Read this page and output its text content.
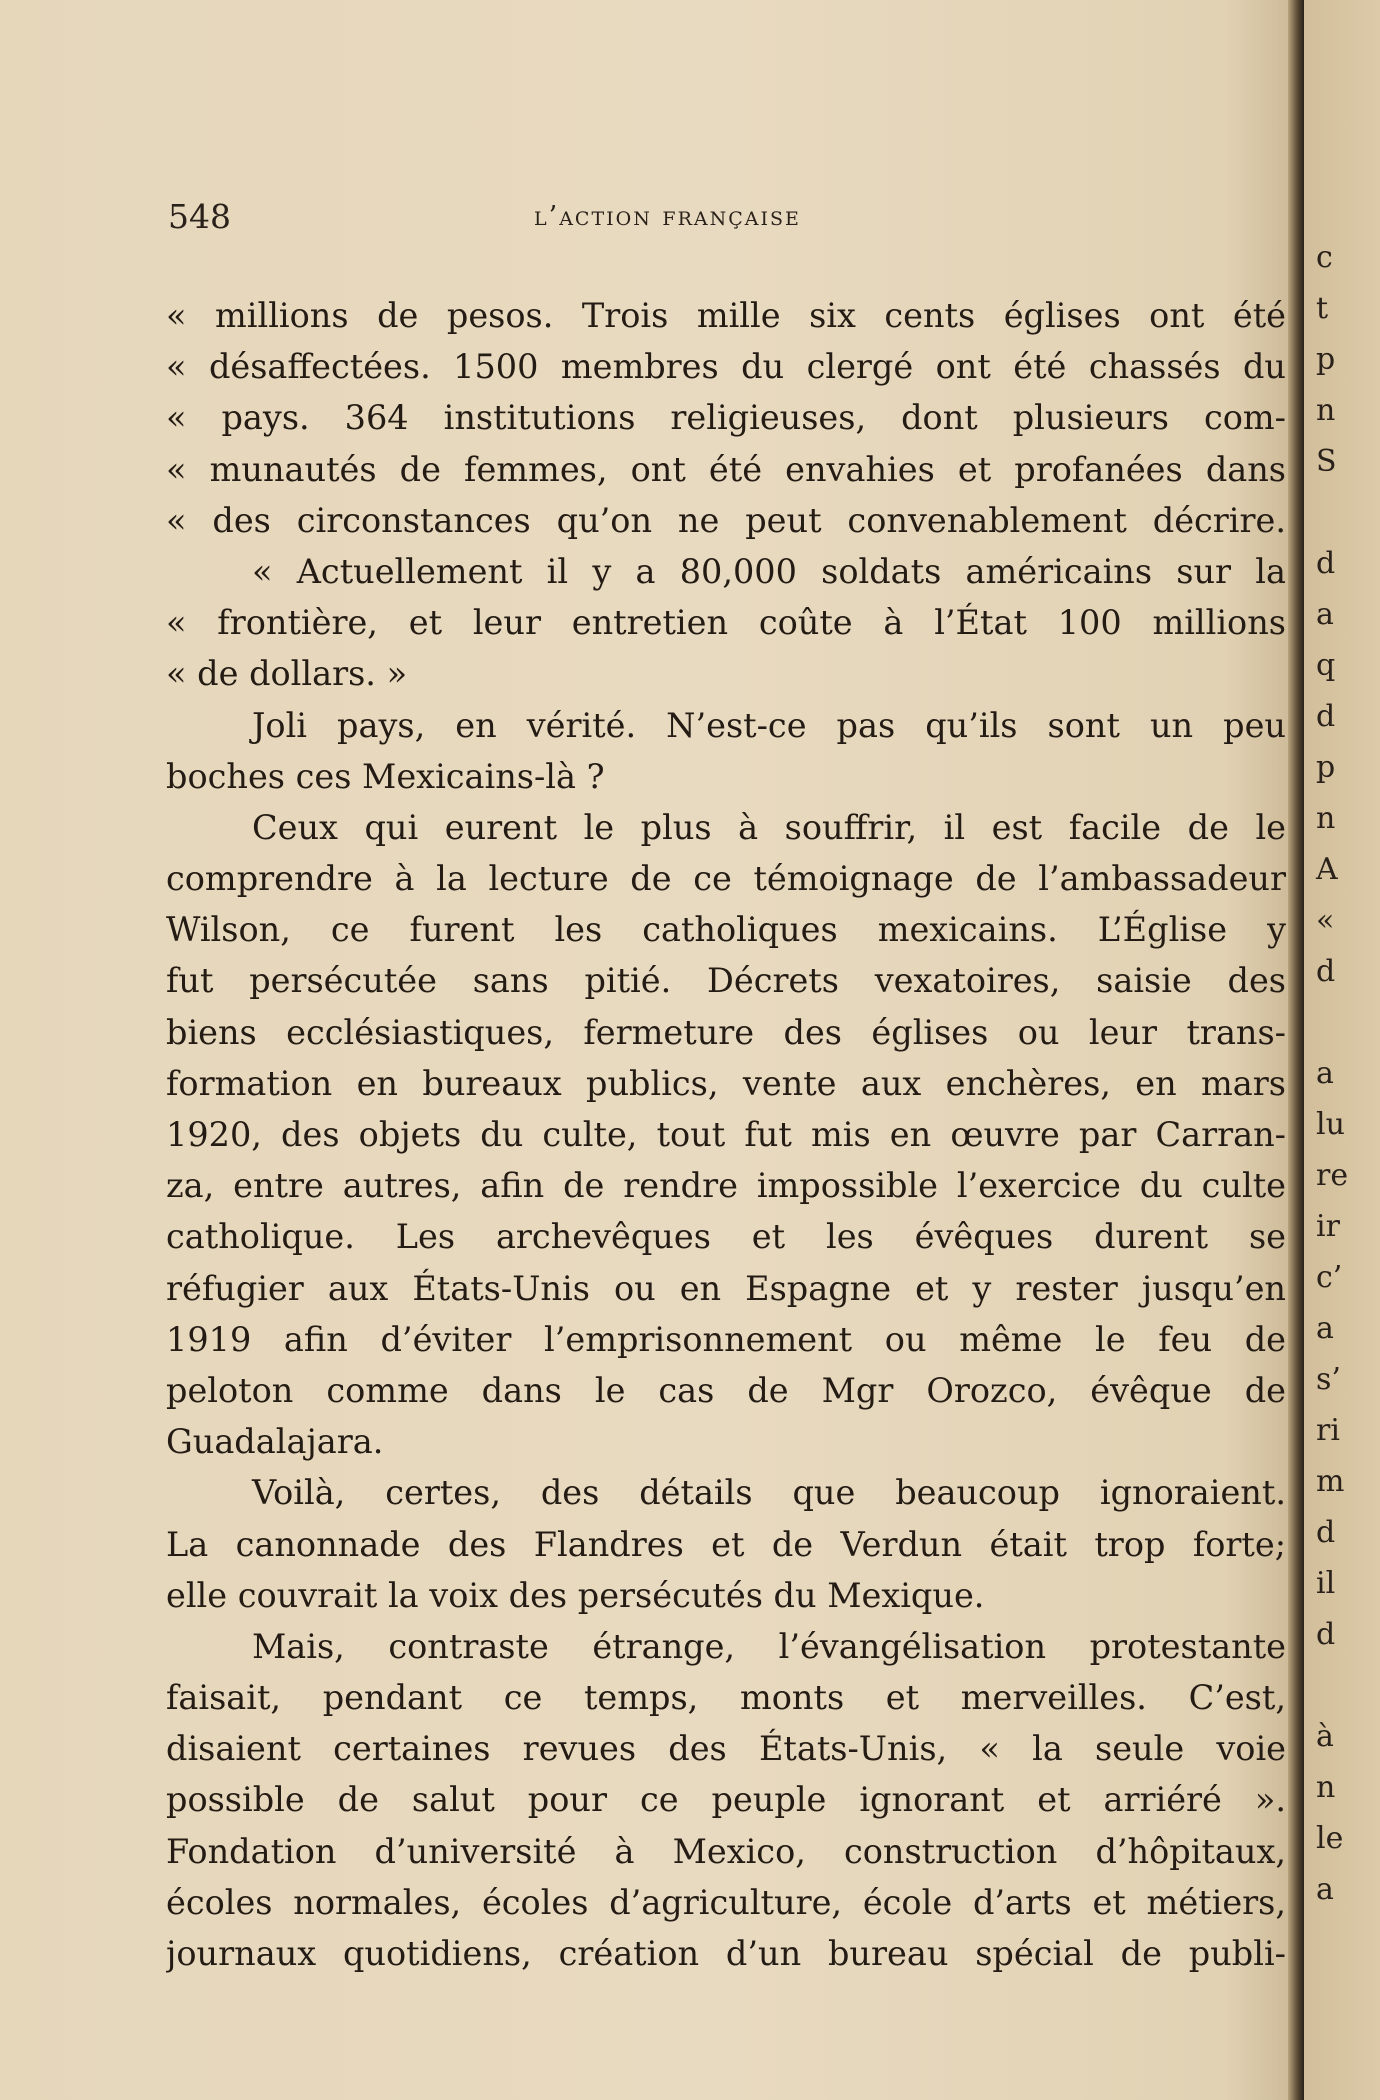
548	l’action française
« millions de pesos. Trois mille six cents églises ont été
« désaffectées. 1500 membres du clergé ont été chassés du
« pays. 364 institutions religieuses, dont plusieurs com-
« munautés de femmes, ont été envahies et profanées dans
« des circonstances qu’on ne peut convenablement décrire.
« Actuellement il y a 80,000 soldats américains sur la
« frontière, et leur entretien coûte à l’État 100 millions
« de dollars. »
Joli pays, en vérité. N’est-ce pas qu’ils sont un peu
boches ces Mexicains-là ?
Ceux qui eurent le plus à souffrir, il est facile de le
comprendre à la lecture de ce témoignage de l’ambassadeur
Wilson, ce furent les catholiques mexicains. L’Église y
fut persécutée sans pitié. Décrets vexatoires, saisie des
biens ecclésiastiques, fermeture des églises ou leur trans-
formation en bureaux publics, vente aux enchères, en mars
1920, des objets du culte, tout fut mis en œuvre par Carran-
za, entre autres, afin de rendre impossible l’exercice du culte
catholique. Les archevêques et les évêques durent se
réfugier aux États-Unis ou en Espagne et y rester jusqu’en
1919 afin d’éviter l’emprisonnement ou même le feu de
peloton comme dans le cas de Mgr Orozco, évêque de
Guadalajara.
Voilà, certes, des détails que beaucoup ignoraient.
La canonnade des Flandres et de Verdun était trop forte;
elle couvrait la voix des persécutés du Mexique.
Mais, contraste étrange, l’évangélisation protestante
faisait, pendant ce temps, monts et merveilles. C’est,
disaient certaines revues des États-Unis, « la seule voie
possible de salut pour ce peuple ignorant et arriéré ».
Fondation d’université à Mexico, construction d’hôpitaux,
écoles normales, écoles d’agriculture, école d’arts et métiers,
journaux quotidiens, création d’un bureau spécial de publi-
c
t
p
n
S
d
a
q
d
p
n
A
«
d
a
lu
re
ir
c’
a
s’
ri
m
d
il
d
à
n
le
a
